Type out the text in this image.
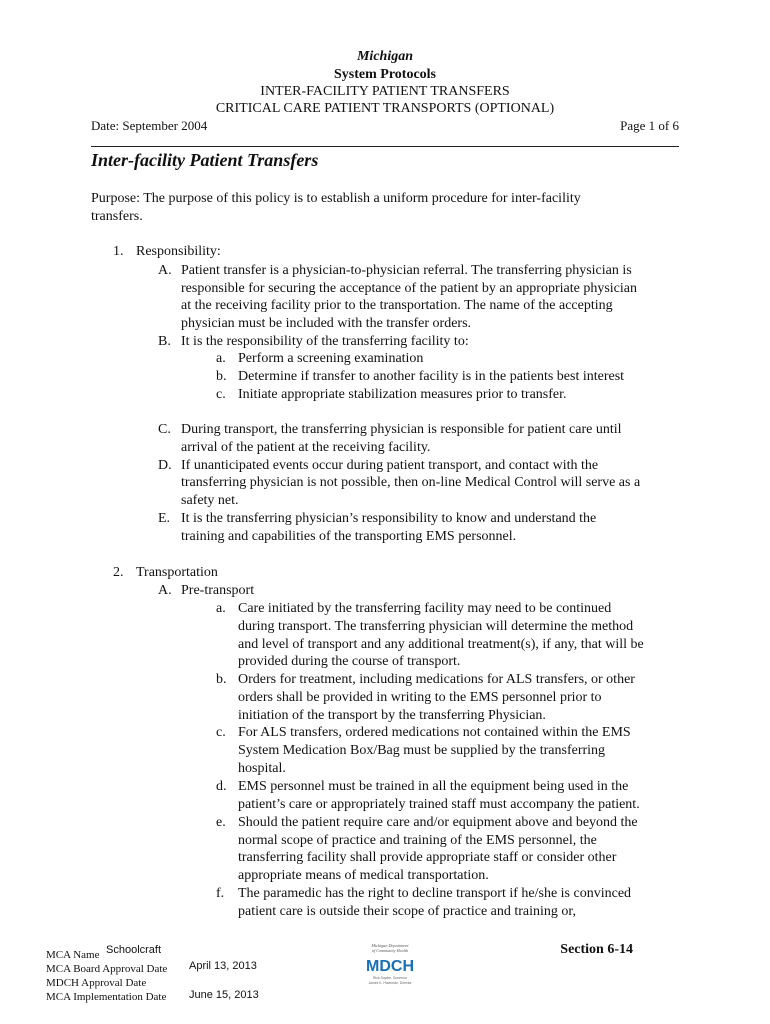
Michigan
System Protocols
INTER-FACILITY PATIENT TRANSFERS
CRITICAL CARE PATIENT TRANSPORTS (OPTIONAL)
Date: September 2004	Page 1 of 6
Inter-facility Patient Transfers
Purpose: The purpose of this policy is to establish a uniform procedure for inter-facility
transfers.
1. Responsibility:
A. Patient transfer is a physician-to-physician referral. The transferring physician is
responsible for securing the acceptance of the patient by an appropriate physician
at the receiving facility prior to the transportation. The name of the accepting
physician must be included with the transfer orders.
B. It is the responsibility of the transferring facility to:
a. Perform a screening examination
b. Determine if transfer to another facility is in the patients best interest
c. Initiate appropriate stabilization measures prior to transfer.
C. During transport, the transferring physician is responsible for patient care until
arrival of the patient at the receiving facility.
D. If unanticipated events occur during patient transport, and contact with the
transferring physician is not possible, then on-line Medical Control will serve as a
safety net.
E. It is the transferring physician’s responsibility to know and understand the
training and capabilities of the transporting EMS personnel.
2. Transportation
A. Pre-transport
a. Care initiated by the transferring facility may need to be continued
during transport. The transferring physician will determine the method
and level of transport and any additional treatment(s), if any, that will be
provided during the course of transport.
b. Orders for treatment, including medications for ALS transfers, or other
orders shall be provided in writing to the EMS personnel prior to
initiation of the transport by the transferring Physician.
c. For ALS transfers, ordered medications not contained within the EMS
System Medication Box/Bag must be supplied by the transferring
hospital.
d. EMS personnel must be trained in all the equipment being used in the
patient’s care or appropriately trained staff must accompany the patient.
e. Should the patient require care and/or equipment above and beyond the
normal scope of practice and training of the EMS personnel, the
transferring facility shall provide appropriate staff or consider other
appropriate means of medical transportation.
f. The paramedic has the right to decline transport if he/she is convinced
patient care is outside their scope of practice and training or,
MCA Name Schoolcraft
MCA Board Approval Date April 13, 2013
MDCH Approval Date
MCA Implementation Date June 15, 2013
Michigan Department
of Community Health
MDCH
Rick Snyder, Governor
James K. Haveman, Director
Section 6-14
